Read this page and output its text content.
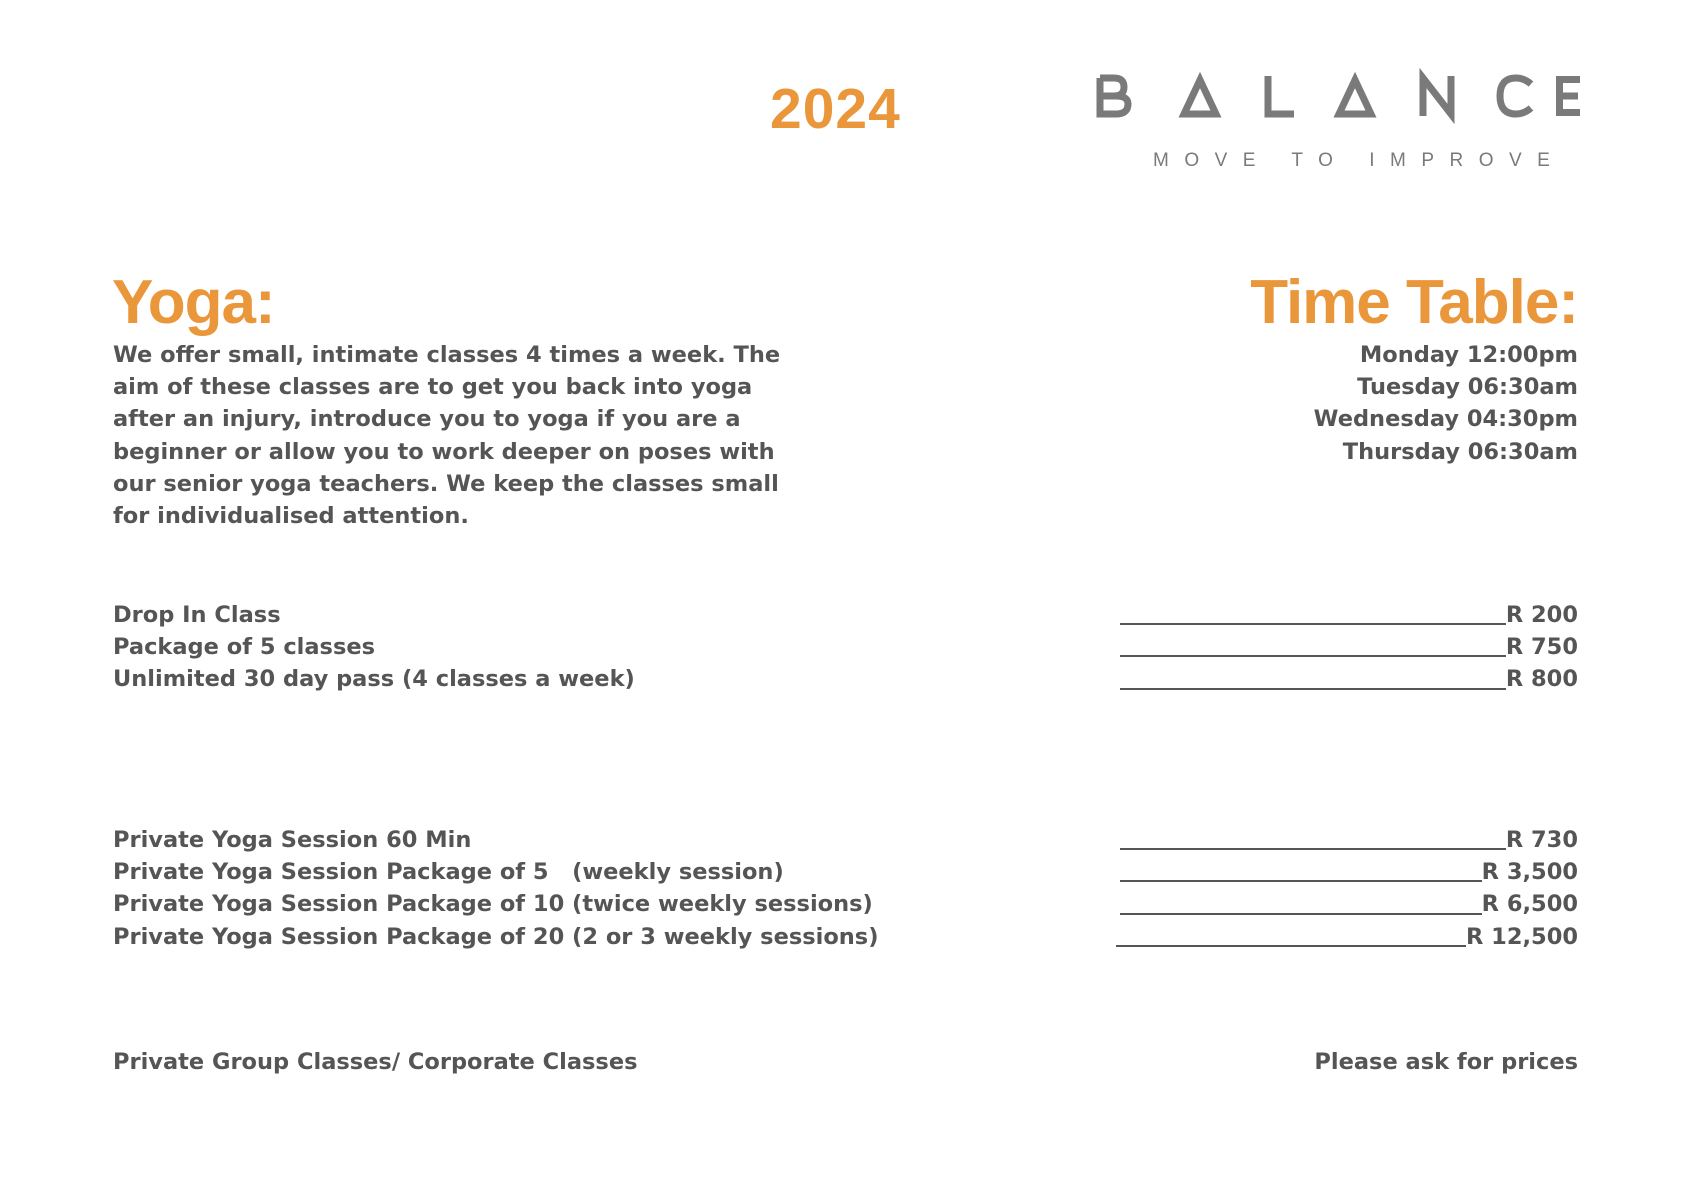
2024
MOVE TO IMPROVE
Yoga:	Time Table:
We offer small, intimate classes 4 times a week. The aim of these classes are to get you back into yoga after an injury, introduce you to yoga if you are a beginner or allow you to work deeper on poses with our senior yoga teachers. We keep the classes small for individualised attention.
Monday 12:00pm
Tuesday 06:30am
Wednesday 04:30pm
Thursday 06:30am
Drop In Class	R 200
Package of 5 classes	R 750
Unlimited 30 day pass (4 classes a week)	R 800
Private Yoga Session 60 Min	R 730
Private Yoga Session Package of 5   (weekly session)	R 3,500
Private Yoga Session Package of 10 (twice weekly sessions)	R 6,500
Private Yoga Session Package of 20 (2 or 3 weekly sessions)	R 12,500
Private Group Classes/ Corporate Classes	Please ask for prices
